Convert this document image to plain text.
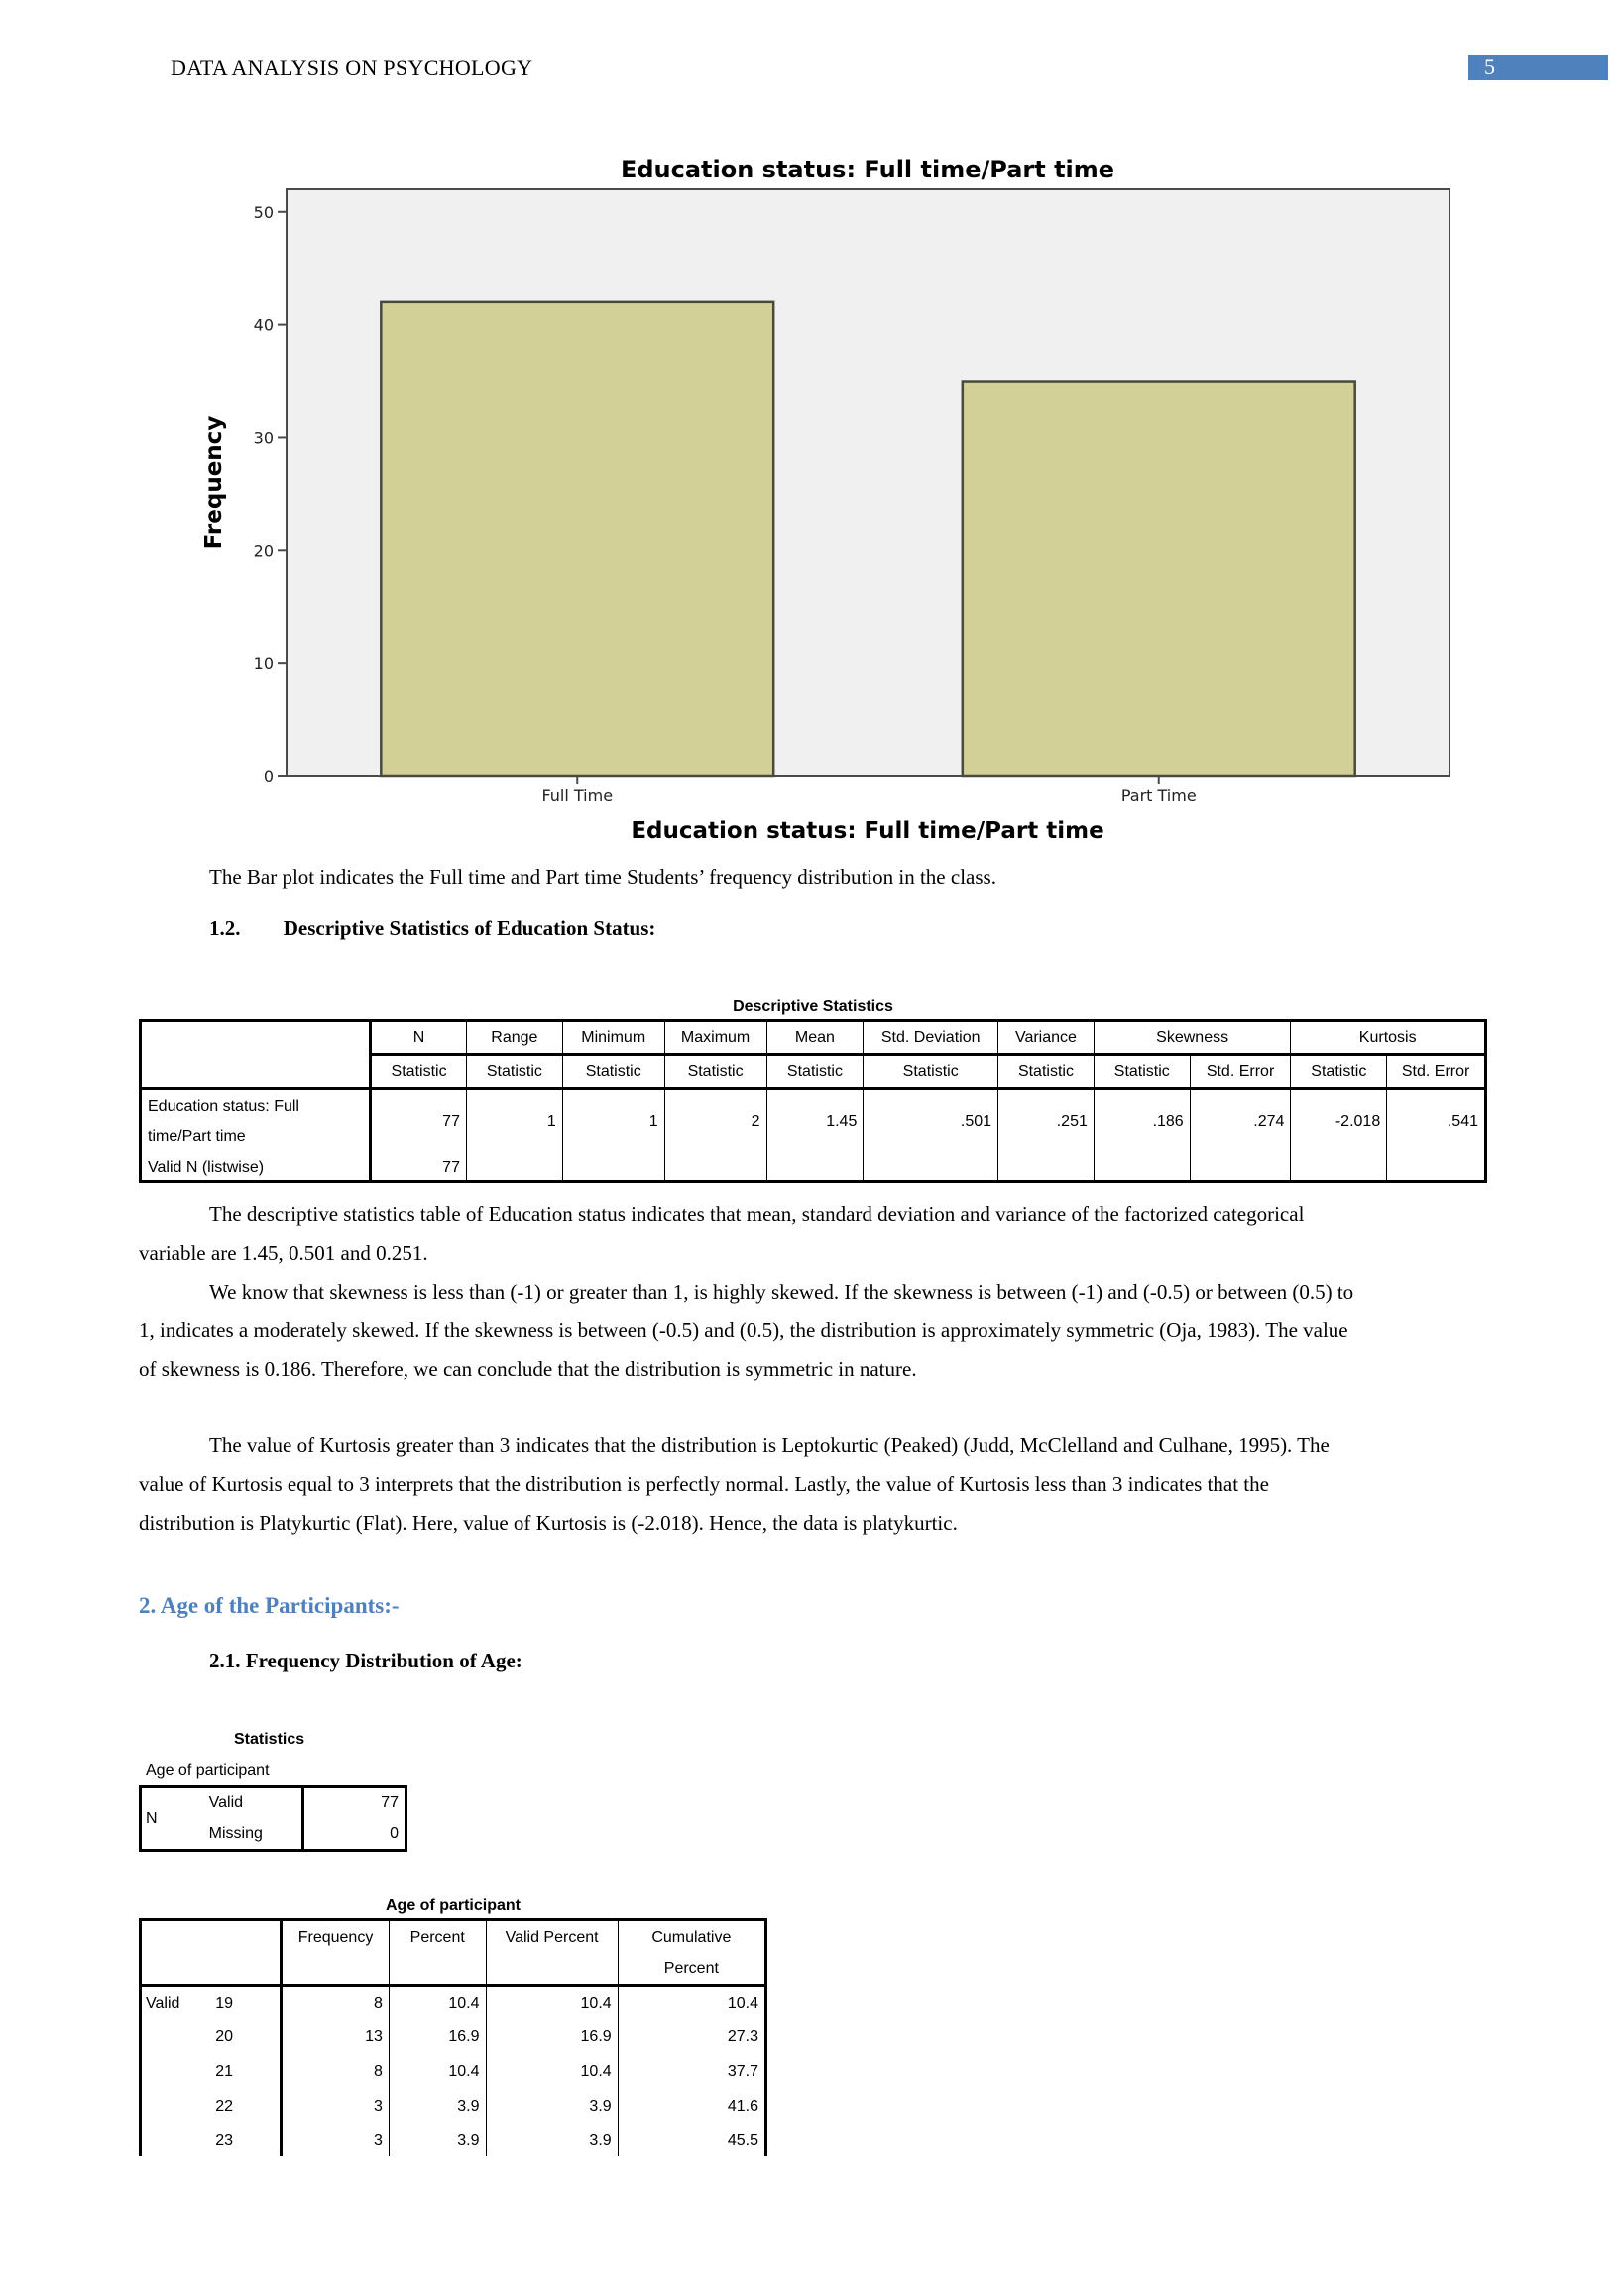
DATA ANALYSIS ON PSYCHOLOGY	5
Education status: Full time/Part time
0
10
20
30
40
50
Full Time	Part Time
Frequency
Education status: Full time/Part time
The Bar plot indicates the Full time and Part time Students’ frequency distribution in the class.
1.2. Descriptive Statistics of Education Status:
Descriptive Statistics
	N	Range	Minimum	Maximum	Mean	Std. Deviation	Variance	Skewness		Kurtosis	
	Statistic	Statistic	Statistic	Statistic	Statistic	Statistic	Statistic	Statistic	Std. Error	Statistic	Std. Error

Education status: Full
time/Part time	77	1	1	2	1.45	.501	.251	.186	.274	-2.018	.541
Valid N (listwise)	77										
The descriptive statistics table of Education status indicates that mean, standard deviation and variance of the factorized categorical
variable are 1.45, 0.501 and 0.251.
We know that skewness is less than (-1) or greater than 1, is highly skewed. If the skewness is between (-1) and (-0.5) or between (0.5) to
1, indicates a moderately skewed. If the skewness is between (-0.5) and (0.5), the distribution is approximately symmetric (Oja, 1983). The value
of skewness is 0.186. Therefore, we can conclude that the distribution is symmetric in nature.
The value of Kurtosis greater than 3 indicates that the distribution is Leptokurtic (Peaked) (Judd, McClelland and Culhane, 1995). The
value of Kurtosis equal to 3 interprets that the distribution is perfectly normal. Lastly, the value of Kurtosis less than 3 indicates that the
distribution is Platykurtic (Flat). Here, value of Kurtosis is (-2.018). Hence, the data is platykurtic.
2. Age of the Participants:-
2.1. Frequency Distribution of Age:
Statistics
Age of participant
N	Valid	77
	Missing	0
Age of participant
		Frequency	Percent	Valid Percent	Cumulative
Percent

Valid	19	8	10.4	10.4	10.4
	20	13	16.9	16.9	27.3
	21	8	10.4	10.4	37.7
	22	3	3.9	3.9	41.6
	23	3	3.9	3.9	45.5
